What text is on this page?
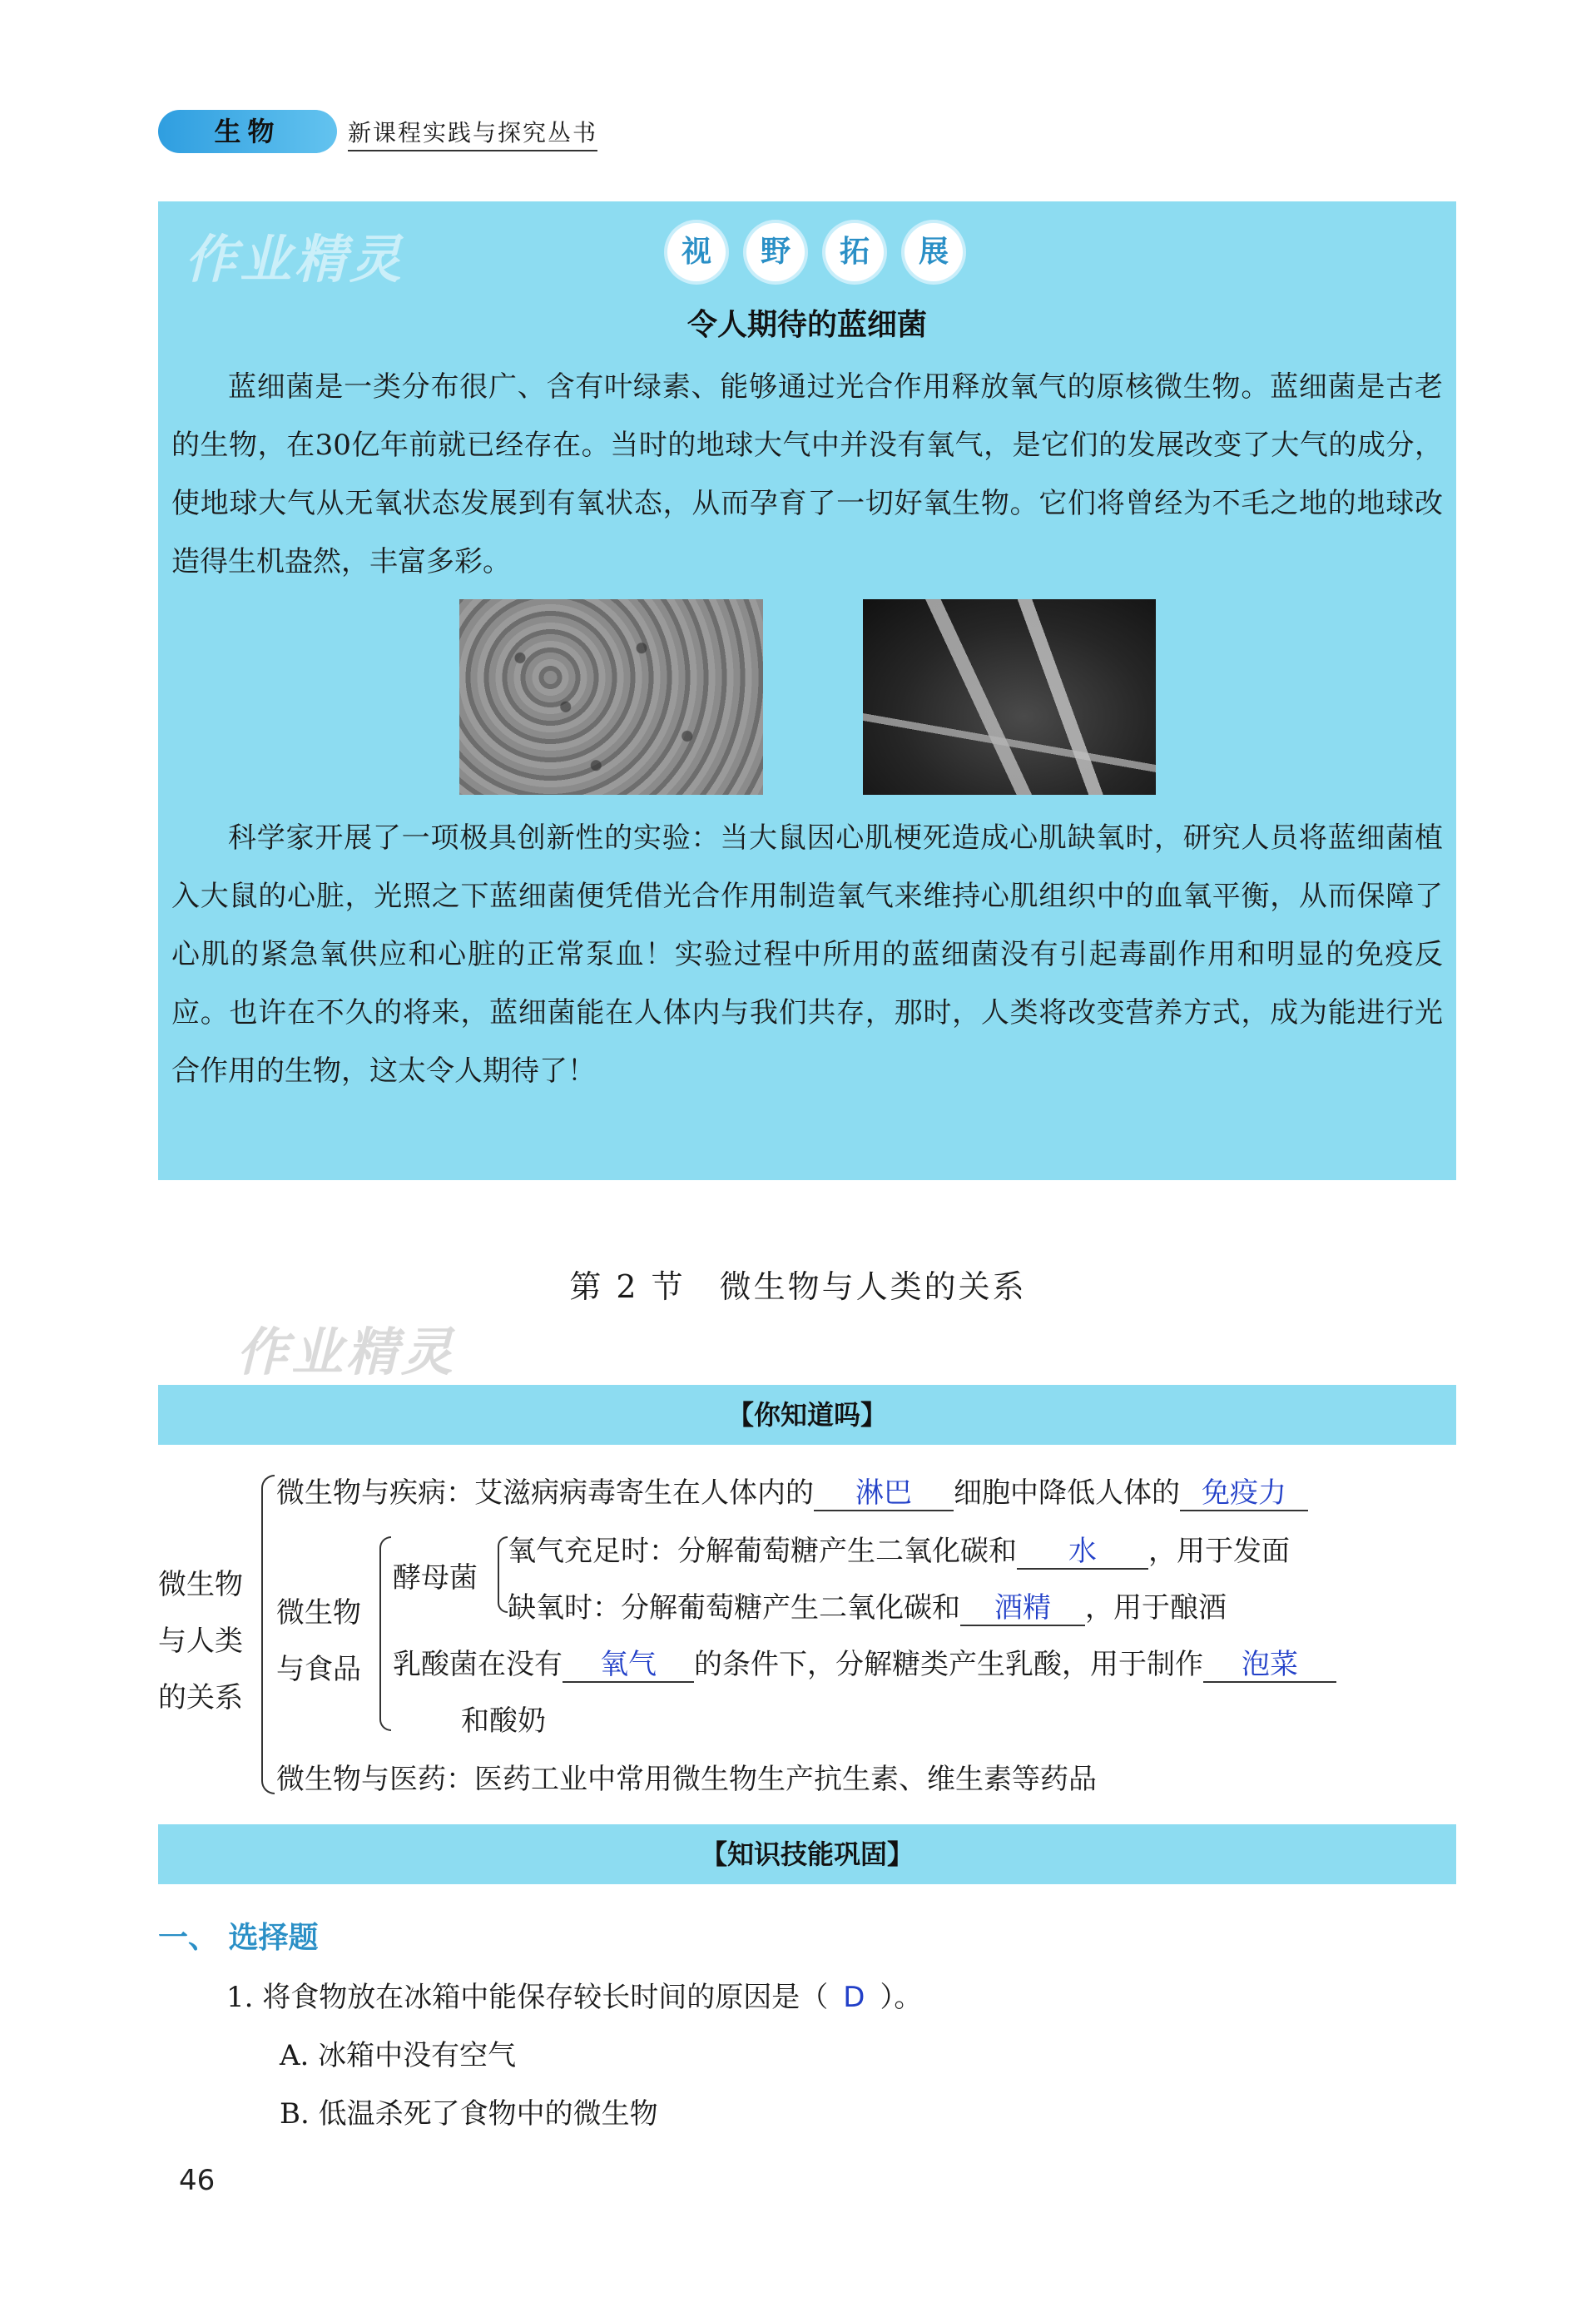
生物	新课程实践与探究丛书
作业精灵	视	野	拓	展
令人期待的蓝细菌

蓝细菌是一类分布很广、含有叶绿素、能够通过光合作用释放氧气的原核微生物。蓝细菌是古老的生物，在30亿年前就已经存在。当时的地球大气中并没有氧气，是它们的发展改变了大气的成分，使地球大气从无氧状态发展到有氧状态，从而孕育了一切好氧生物。它们将曾经为不毛之地的地球改造得生机盎然，丰富多彩。

科学家开展了一项极具创新性的实验：当大鼠因心肌梗死造成心肌缺氧时，研究人员将蓝细菌植入大鼠的心脏，光照之下蓝细菌便凭借光合作用制造氧气来维持心肌组织中的血氧平衡，从而保障了心肌的紧急氧供应和心脏的正常泵血！实验过程中所用的蓝细菌没有引起毒副作用和明显的免疫反应。也许在不久的将来，蓝细菌能在人体内与我们共存，那时，人类将改变营养方式，成为能进行光合作用的生物，这太令人期待了！

第 2 节　微生物与人类的关系
作业精灵
【你知道吗】
微生物
与人类
的关系
微生物与疾病：艾滋病病毒寄生在人体内的 淋巴 细胞中降低人体的 免疫力
微生物
与食品
酵母菌
氧气充足时：分解葡萄糖产生二氧化碳和 水 ，用于发面
缺氧时：分解葡萄糖产生二氧化碳和 酒精 ，用于酿酒
乳酸菌在没有 氧气 的条件下，分解糖类产生乳酸，用于制作 泡菜
和酸奶
微生物与医药：医药工业中常用微生物生产抗生素、维生素等药品
【知识技能巩固】
一、 选择题
1. 将食物放在冰箱中能保存较长时间的原因是（ D ）。
A. 冰箱中没有空气
B. 低温杀死了食物中的微生物
46
